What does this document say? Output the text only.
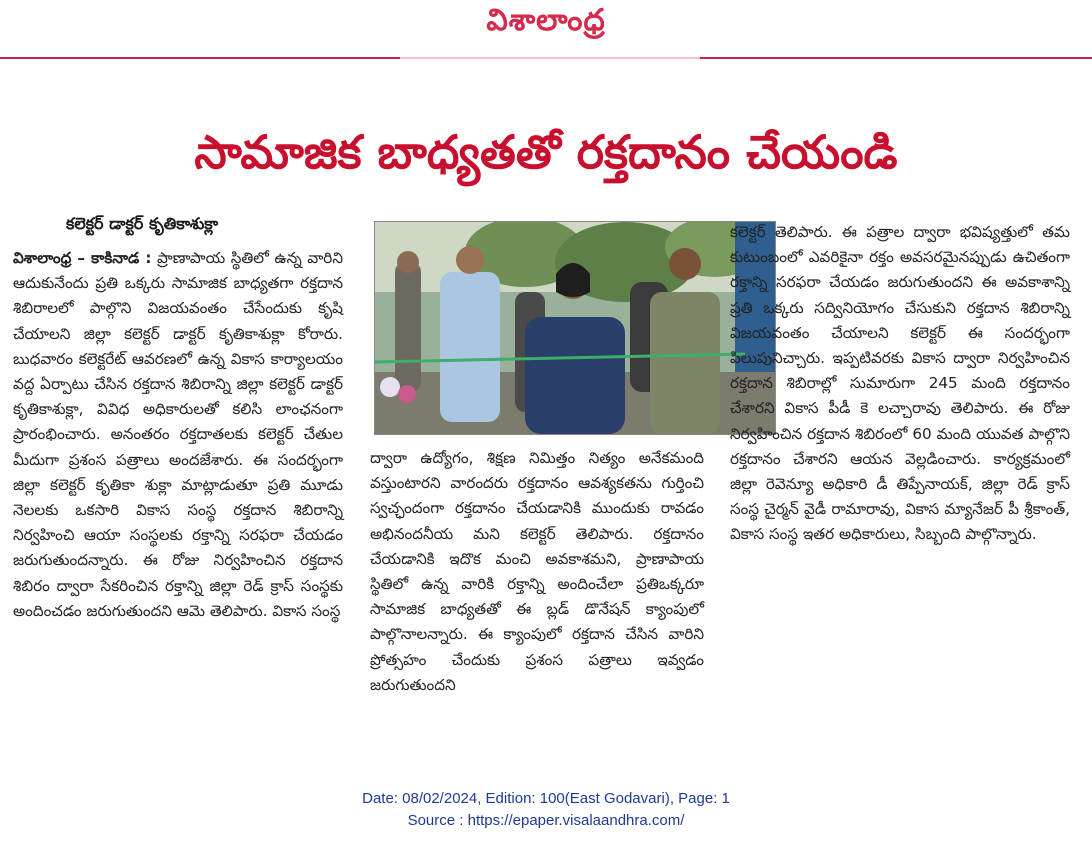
విశాలాంధ్ర
సామాజిక బాధ్యతతో రక్తదానం చేయండి
కలెక్టర్ డాక్టర్ కృతికాశుక్లా

విశాలాంధ్ర – కాకినాడ : ప్రాణాపాయ స్థితిలో ఉన్న వారిని ఆదుకునేందు ప్రతి ఒక్కరు సామాజిక బాధ్యతగా రక్తదాన శిబిరాలలో పాల్గొని విజయవంతం చేసేందుకు కృషి చేయాలని జిల్లా కలెక్టర్ డాక్టర్ కృతికాశుక్లా కోరారు. బుధవారం కలెక్టరేట్ ఆవరణలో ఉన్న వికాస కార్యాలయం వద్ద ఏర్పాటు చేసిన రక్తదాన శిబిరాన్ని జిల్లా కలెక్టర్ డాక్టర్ కృతికాశుక్లా, వివిధ అధికారులతో కలిసి లాంఛనంగా ప్రారంభించారు. అనంతరం రక్తదాతలకు కలెక్టర్ చేతుల మీదుగా ప్రశంస పత్రాలు అందజేశారు. ఈ సందర్భంగా జిల్లా కలెక్టర్ కృతికా శుక్లా మాట్లాడుతూ ప్రతి మూడు నెలలకు ఒకసారి వికాస సంస్థ రక్తదాన శిబిరాన్ని నిర్వహించి ఆయా సంస్థలకు రక్తాన్ని సరఫరా చేయడం జరుగుతుందన్నారు. ఈ రోజు నిర్వహించిన రక్తదాన శిబిరం ద్వారా సేకరించిన రక్తాన్ని జిల్లా రెడ్ క్రాస్ సంస్థకు అందించడం జరుగుతుందని ఆమె తెలిపారు. వికాస సంస్థ

ద్వారా ఉద్యోగం, శిక్షణ నిమిత్తం నిత్యం అనేకమంది వస్తుంటారని వారందరు రక్తదానం ఆవశ్యకతను గుర్తించి స్వచ్ఛందంగా రక్తదానం చేయడానికి ముందుకు రావడం అభినందనీయ మని కలెక్టర్ తెలిపారు. రక్తదానం చేయడానికి ఇదొక మంచి అవకాశమని, ప్రాణాపాయ స్థితిలో ఉన్న వారికి రక్తాన్ని అందించేలా ప్రతిఒక్కరూ సామాజిక బాధ్యతతో ఈ బ్లడ్ డొనేషన్ క్యాంపులో పాల్గొనాలన్నారు. ఈ క్యాంపులో రక్తదాన చేసిన వారిని ప్రోత్సహం చేందుకు ప్రశంస పత్రాలు ఇవ్వడం జరుగుతుందని

కలెక్టర్ తెలిపారు. ఈ పత్రాల ద్వారా భవిష్యత్తులో తమ కుటుంబంలో ఎవరికైనా రక్తం అవసరమైనప్పుడు ఉచితంగా రక్తాన్ని సరఫరా చేయడం జరుగుతుందని ఈ అవకాశాన్ని ప్రతి ఒక్కరు సద్వినియోగం చేసుకుని రక్తదాన శిబిరాన్ని విజయవంతం చేయాలని కలెక్టర్ ఈ సందర్భంగా పిలుపునిచ్చారు. ఇప్పటివరకు వికాస ద్వారా నిర్వహించిన రక్తదాన శిబిరాల్లో సుమారుగా 245 మంది రక్తదానం చేశారని వికాస పీడీ కె లచ్చారావు తెలిపారు. ఈ రోజు నిర్వహించిన రక్తదాన శిబిరంలో 60 మంది యువత పాల్గొని రక్తదానం చేశారని ఆయన వెల్లడించారు. కార్యక్రమంలో జిల్లా రెవెన్యూ అధికారి డీ తిప్పేనాయక్, జిల్లా రెడ్ క్రాస్ సంస్థ చైర్మన్ వైడీ రామారావు, వికాస మ్యానేజర్ పీ శ్రీకాంత్, వికాస సంస్థ ఇతర అధికారులు, సిబ్బంది పాల్గొన్నారు.

Date: 08/02/2024, Edition: 100(East Godavari), Page: 1
Source : https://epaper.visalaandhra.com/
